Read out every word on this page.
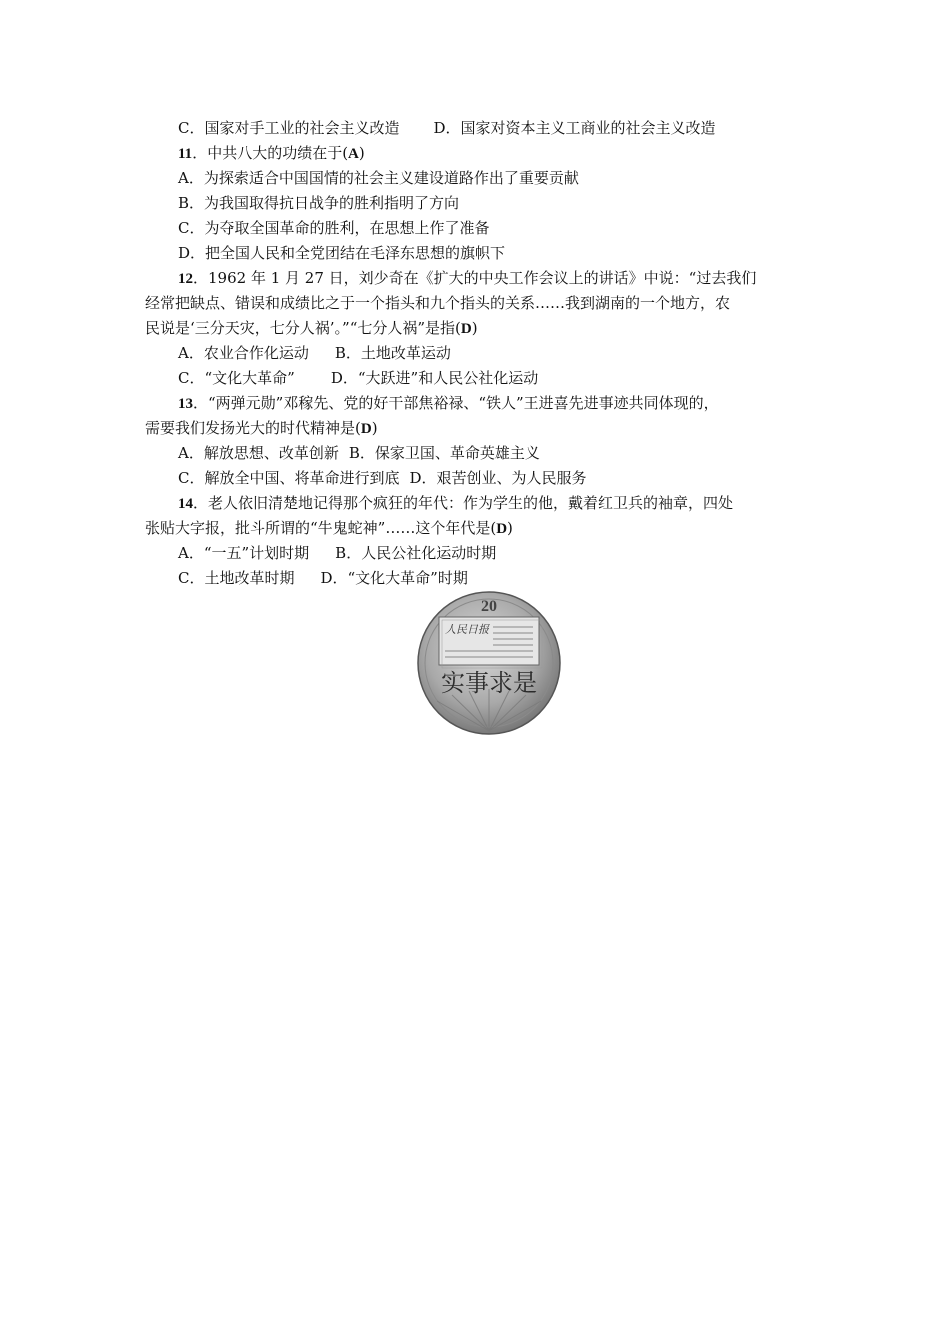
C．国家对手工业的社会主义改造 D．国家对资本主义工商业的社会主义改造
11．中共八大的功绩在于(A)
A．为探索适合中国国情的社会主义建设道路作出了重要贡献
B．为我国取得抗日战争的胜利指明了方向
C．为夺取全国革命的胜利，在思想上作了准备
D．把全国人民和全党团结在毛泽东思想的旗帜下
12．1962 年 1 月 27 日，刘少奇在《扩大的中央工作会议上的讲话》中说：“过去我们
经常把缺点、错误和成绩比之于一个指头和九个指头的关系……我到湖南的一个地方，农
民说是‘三分天灾，七分人祸’。”“七分人祸”是指(D)
A．农业合作化运动 B．土地改革运动
C．“文化大革命” D．“大跃进”和人民公社化运动
13．“两弹元勋”邓稼先、党的好干部焦裕禄、“铁人”王进喜先进事迹共同体现的，
需要我们发扬光大的时代精神是(D)
A．解放思想、改革创新 B．保家卫国、革命英雄主义
C．解放全中国、将革命进行到底 D．艰苦创业、为人民服务
14．老人依旧清楚地记得那个疯狂的年代：作为学生的他，戴着红卫兵的袖章，四处
张贴大字报，批斗所谓的“牛鬼蛇神”……这个年代是(D)
A．“一五”计划时期 B．人民公社化运动时期
C．土地改革时期 D．“文化大革命”时期
人民日报
20
实事求是
